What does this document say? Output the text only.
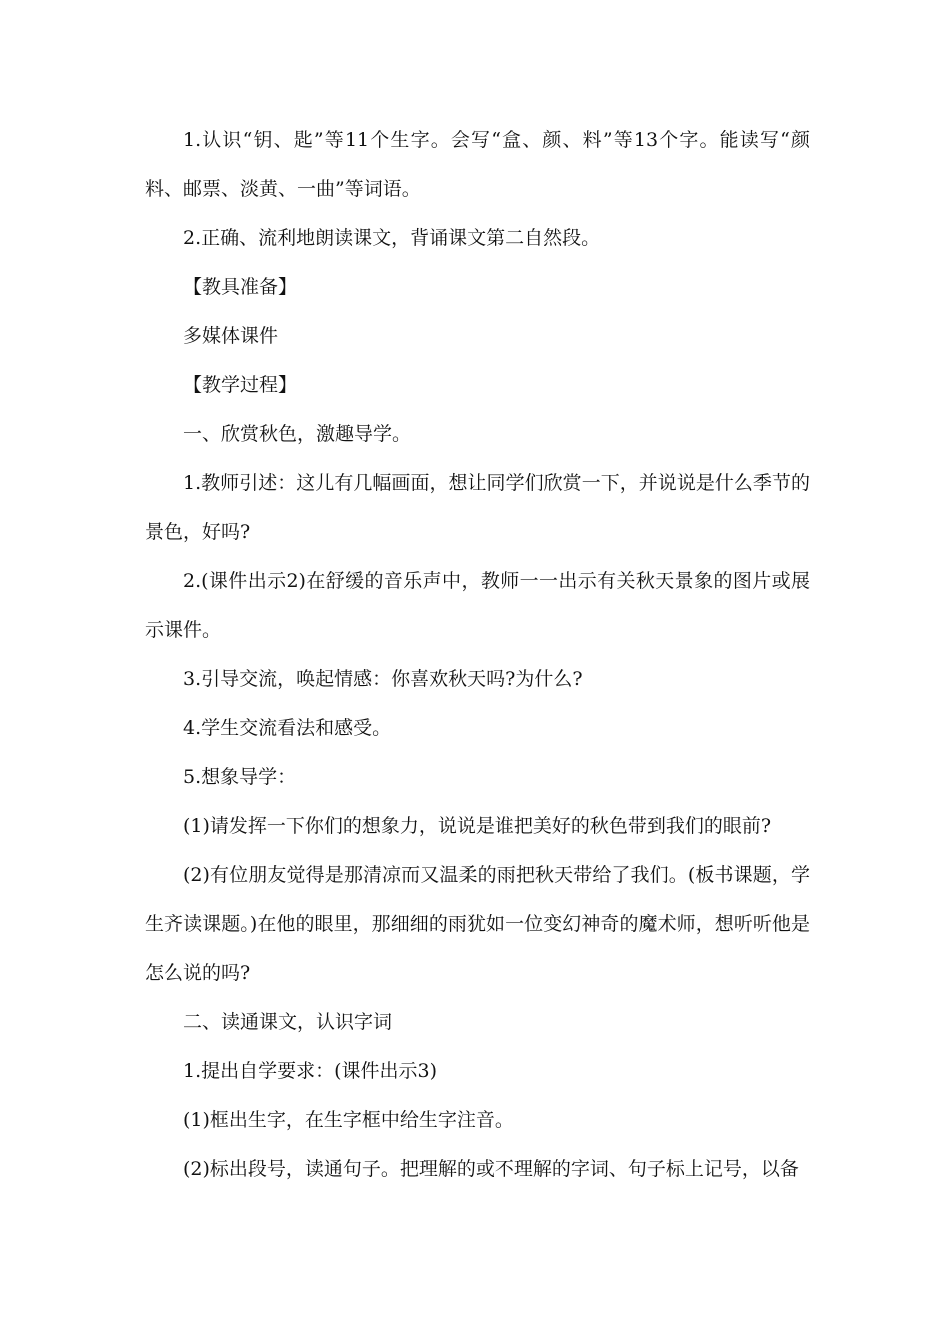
1.认识“钥、匙”等11个生字。会写“盒、颜、料”等13个字。能读写“颜料、邮票、淡黄、一曲”等词语。

2.正确、流利地朗读课文，背诵课文第二自然段。

【教具准备】

多媒体课件

【教学过程】

一、欣赏秋色，激趣导学。

1.教师引述：这儿有几幅画面，想让同学们欣赏一下，并说说是什么季节的景色，好吗?

2.(课件出示2)在舒缓的音乐声中，教师一一出示有关秋天景象的图片或展示课件。

3.引导交流，唤起情感：你喜欢秋天吗?为什么?

4.学生交流看法和感受。

5.想象导学：

(1)请发挥一下你们的想象力，说说是谁把美好的秋色带到我们的眼前?

(2)有位朋友觉得是那清凉而又温柔的雨把秋天带给了我们。(板书课题，学生齐读课题。)在他的眼里，那细细的雨犹如一位变幻神奇的魔术师，想听听他是怎么说的吗?

二、读通课文，认识字词

1.提出自学要求：(课件出示3)

(1)框出生字，在生字框中给生字注音。

(2)标出段号，读通句子。把理解的或不理解的字词、句子标上记号，以备
